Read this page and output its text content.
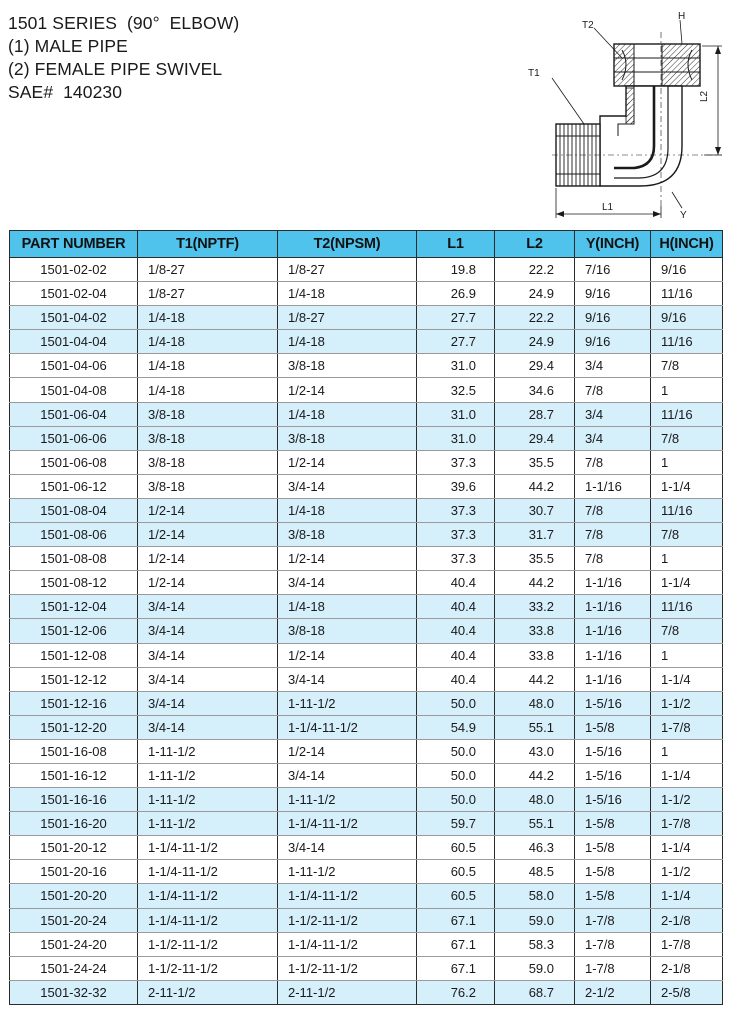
1501 SERIES  (90°  ELBOW)
(1) MALE PIPE
(2) FEMALE PIPE SWIVEL
SAE#  140230
T2
H
T1
L2
L1
Y
PART NUMBER	T1(NPTF)	T2(NPSM)	L1	L2	Y(INCH)	H(INCH)
1501-02-02	1/8-27	1/8-27	19.8	22.2	7/16	9/16
1501-02-04	1/8-27	1/4-18	26.9	24.9	9/16	11/16
1501-04-02	1/4-18	1/8-27	27.7	22.2	9/16	9/16
1501-04-04	1/4-18	1/4-18	27.7	24.9	9/16	11/16
1501-04-06	1/4-18	3/8-18	31.0	29.4	3/4	7/8
1501-04-08	1/4-18	1/2-14	32.5	34.6	7/8	1
1501-06-04	3/8-18	1/4-18	31.0	28.7	3/4	11/16
1501-06-06	3/8-18	3/8-18	31.0	29.4	3/4	7/8
1501-06-08	3/8-18	1/2-14	37.3	35.5	7/8	1
1501-06-12	3/8-18	3/4-14	39.6	44.2	1-1/16	1-1/4
1501-08-04	1/2-14	1/4-18	37.3	30.7	7/8	11/16
1501-08-06	1/2-14	3/8-18	37.3	31.7	7/8	7/8
1501-08-08	1/2-14	1/2-14	37.3	35.5	7/8	1
1501-08-12	1/2-14	3/4-14	40.4	44.2	1-1/16	1-1/4
1501-12-04	3/4-14	1/4-18	40.4	33.2	1-1/16	11/16
1501-12-06	3/4-14	3/8-18	40.4	33.8	1-1/16	7/8
1501-12-08	3/4-14	1/2-14	40.4	33.8	1-1/16	1
1501-12-12	3/4-14	3/4-14	40.4	44.2	1-1/16	1-1/4
1501-12-16	3/4-14	1-11-1/2	50.0	48.0	1-5/16	1-1/2
1501-12-20	3/4-14	1-1/4-11-1/2	54.9	55.1	1-5/8	1-7/8
1501-16-08	1-11-1/2	1/2-14	50.0	43.0	1-5/16	1
1501-16-12	1-11-1/2	3/4-14	50.0	44.2	1-5/16	1-1/4
1501-16-16	1-11-1/2	1-11-1/2	50.0	48.0	1-5/16	1-1/2
1501-16-20	1-11-1/2	1-1/4-11-1/2	59.7	55.1	1-5/8	1-7/8
1501-20-12	1-1/4-11-1/2	3/4-14	60.5	46.3	1-5/8	1-1/4
1501-20-16	1-1/4-11-1/2	1-11-1/2	60.5	48.5	1-5/8	1-1/2
1501-20-20	1-1/4-11-1/2	1-1/4-11-1/2	60.5	58.0	1-5/8	1-1/4
1501-20-24	1-1/4-11-1/2	1-1/2-11-1/2	67.1	59.0	1-7/8	2-1/8
1501-24-20	1-1/2-11-1/2	1-1/4-11-1/2	67.1	58.3	1-7/8	1-7/8
1501-24-24	1-1/2-11-1/2	1-1/2-11-1/2	67.1	59.0	1-7/8	2-1/8
1501-32-32	2-11-1/2	2-11-1/2	76.2	68.7	2-1/2	2-5/8
